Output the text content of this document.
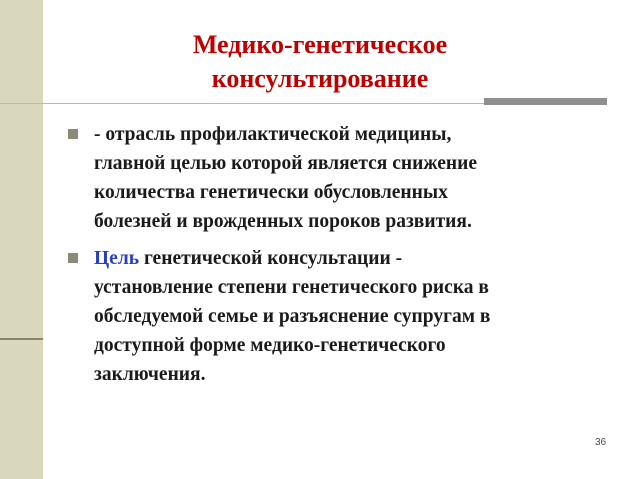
Медико-генетическое
консультирование
- отрасль профилактической медицины,
главной целью которой является снижение
количества генетически обусловленных
болезней и врожденных пороков развития.
Цель генетической консультации -
установление степени генетического риска в
обследуемой семье и разъяснение супругам в
доступной форме медико-генетического
заключения.
36
